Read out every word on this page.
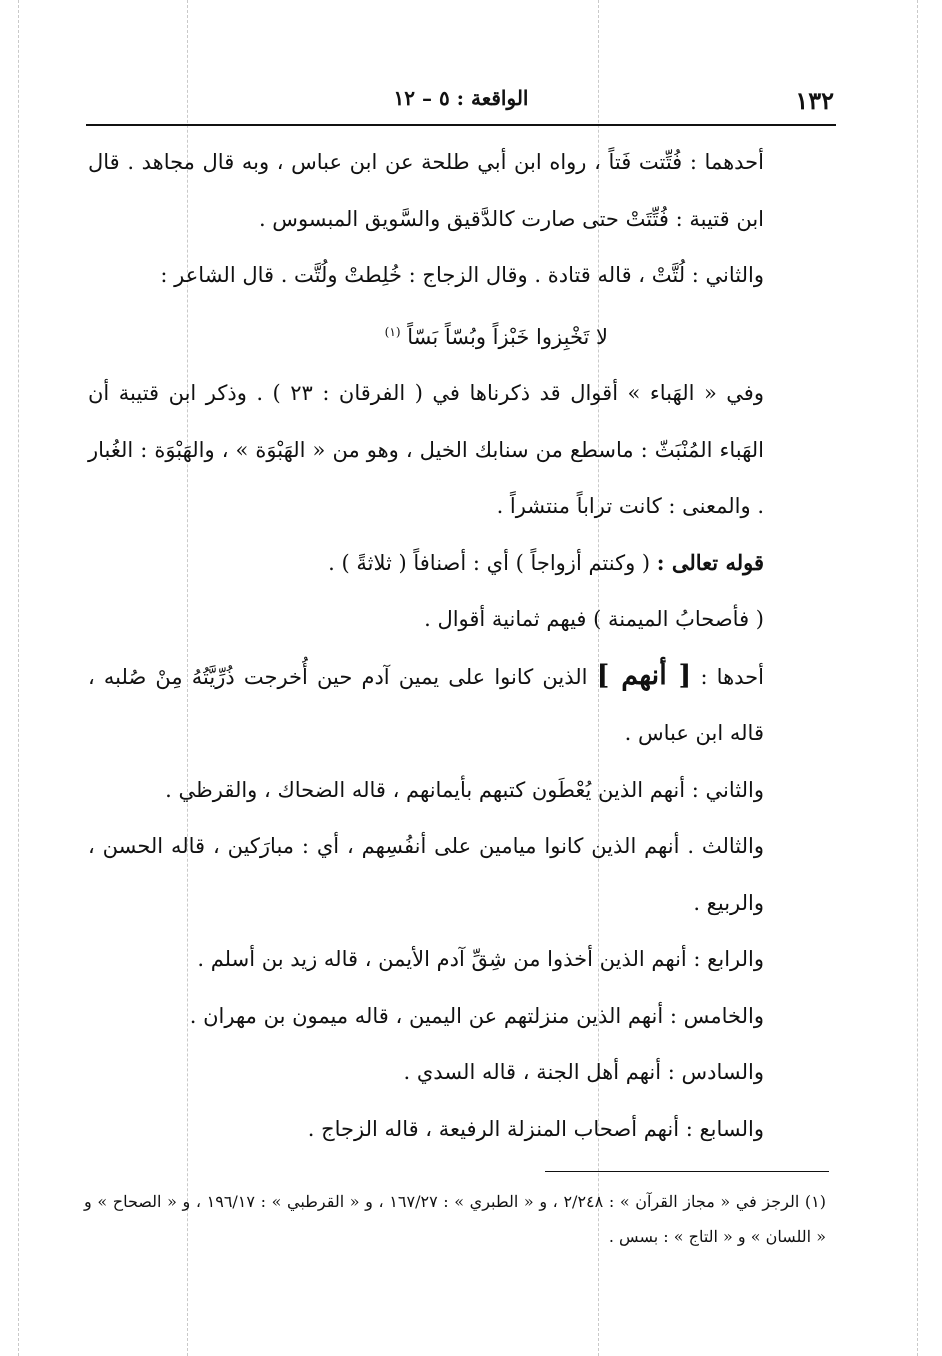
١٣٢
الواقعة : ٥ – ١٢

أحدهما : فُتِّتت فَتاً ، رواه ابن أبي طلحة عن ابن عباس ، وبه قال مجاهد . قال ابن قتيبة : فُتِّتَتْ حتى صارت كالدَّقيق والسَّويق المبسوس .

والثاني : لُتَّتْ ، قاله قتادة . وقال الزجاج : خُلِطتْ ولُتَّت . قال الشاعر :

لا تَخْبِزوا خَبْزاً وبُسّاً بَسّاً $^{(١)}$

وفي « الهَباء » أقوال قد ذكرناها في ( الفرقان : ٢٣ ) . وذكر ابن قتيبة أن الهَباء المُنْبَثّ : ماسطع من سنابك الخيل ، وهو من « الهَبْوَة » ، والهَبْوَة : الغُبار . والمعنى : كانت تراباً منتشراً .

قوله تعالى : ( وكنتم أزواجاً ) أي : أصنافاً ( ثلاثةً ) .

( فأصحابُ الميمنة ) فيهم ثمانية أقوال .

أحدها : [ أنهم ] الذين كانوا على يمين آدم حين أُخرجت ذُرِّيَّتُهُ مِنْ صُلبه ، قاله ابن عباس .

والثاني : أنهم الذين يُعْطَون كتبهم بأيمانهم ، قاله الضحاك ، والقرظي .

والثالث . أنهم الذين كانوا ميامين على أنفُسِهم ، أي : مبارَكين ، قاله الحسن ، والربيع .

والرابع : أنهم الذين أخذوا من شِقِّ آدم الأيمن ، قاله زيد بن أسلم .

والخامس : أنهم الذين منزلتهم عن اليمين ، قاله ميمون بن مهران .

والسادس : أنهم أهل الجنة ، قاله السدي .

والسابع : أنهم أصحاب المنزلة الرفيعة ، قاله الزجاج .

(١) الرجز في « مجاز القرآن » : ٢/٢٤٨ ، و « الطبري » : ١٦٧/٢٧ ، و « القرطبي » : ١٩٦/١٧ ، و « الصحاح » و « اللسان » و « التاج » : بسس .
